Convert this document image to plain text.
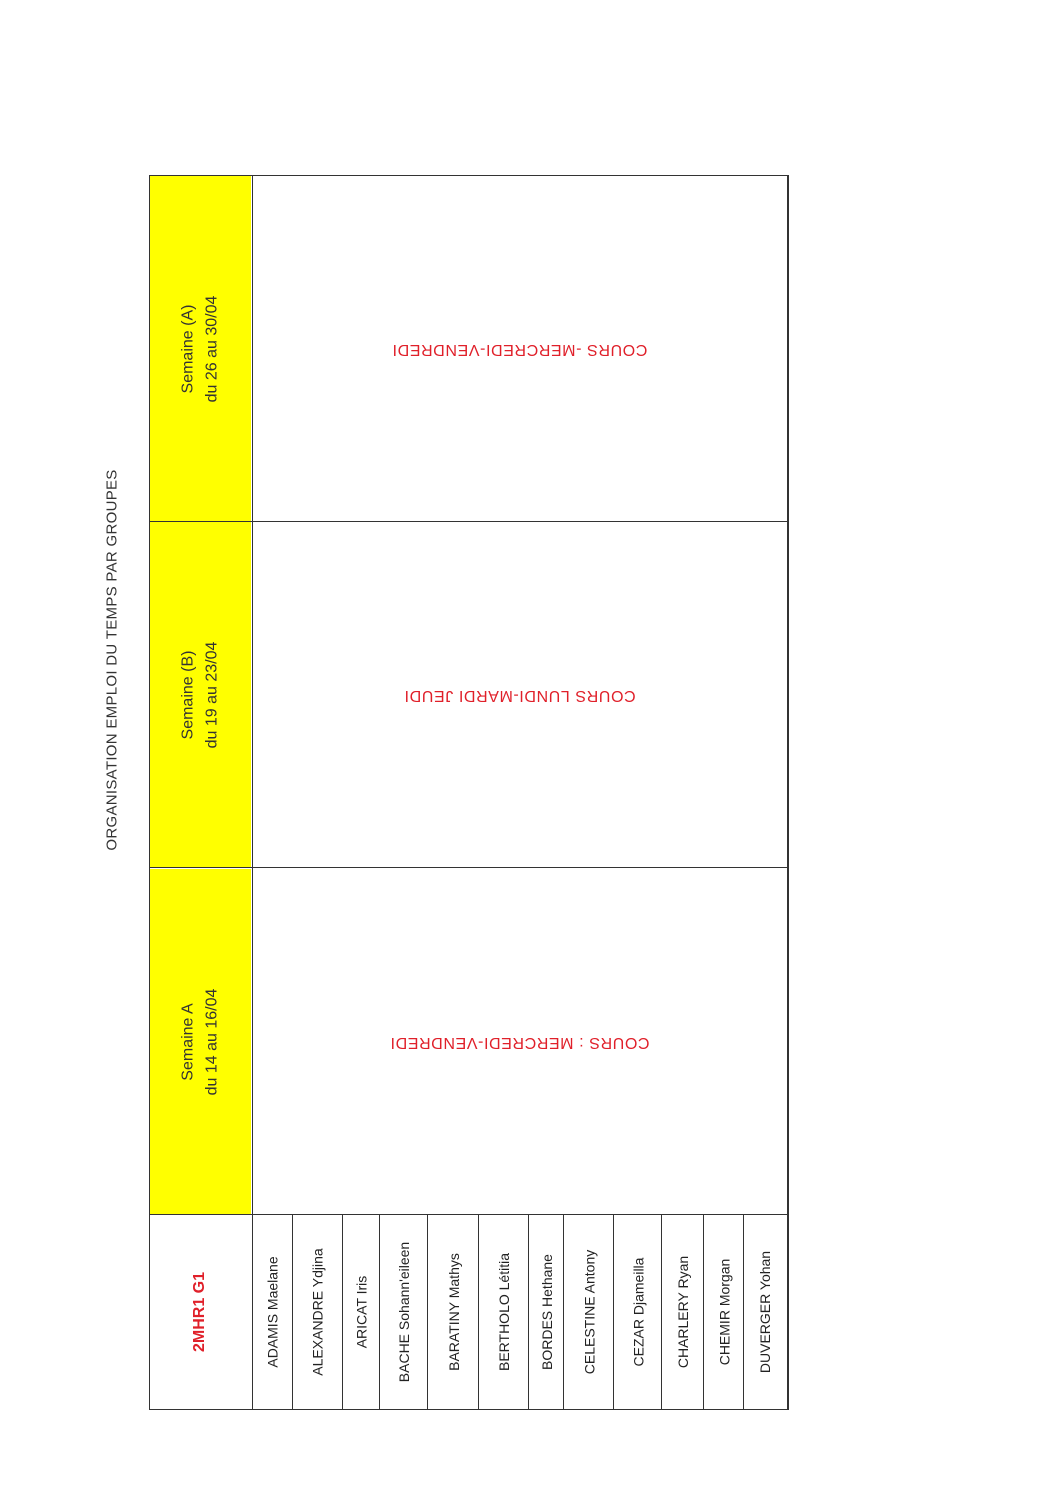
ORGANISATION EMPLOI DU TEMPS PAR GROUPES
Semaine (A) du 26 au 30/04
Semaine (B) du 19 au 23/04
Semaine A du 14 au 16/04
COURS -MERCREDI-VENDREDI
COURS LUNDI-MARDI JEUDI
COURS : MERCREDI-VENDREDI
2MHR1 G1	ADAMIS Maelane ALEXANDRE Ydjina ARICAT Iris BACHE Sohann'eileen BARATINY Mathys BERTHOLO Létitia BORDES Hethane CELESTINE Antony CEZAR Djameilla CHARLERY Ryan CHEMIR Morgan DUVERGER Yohan
